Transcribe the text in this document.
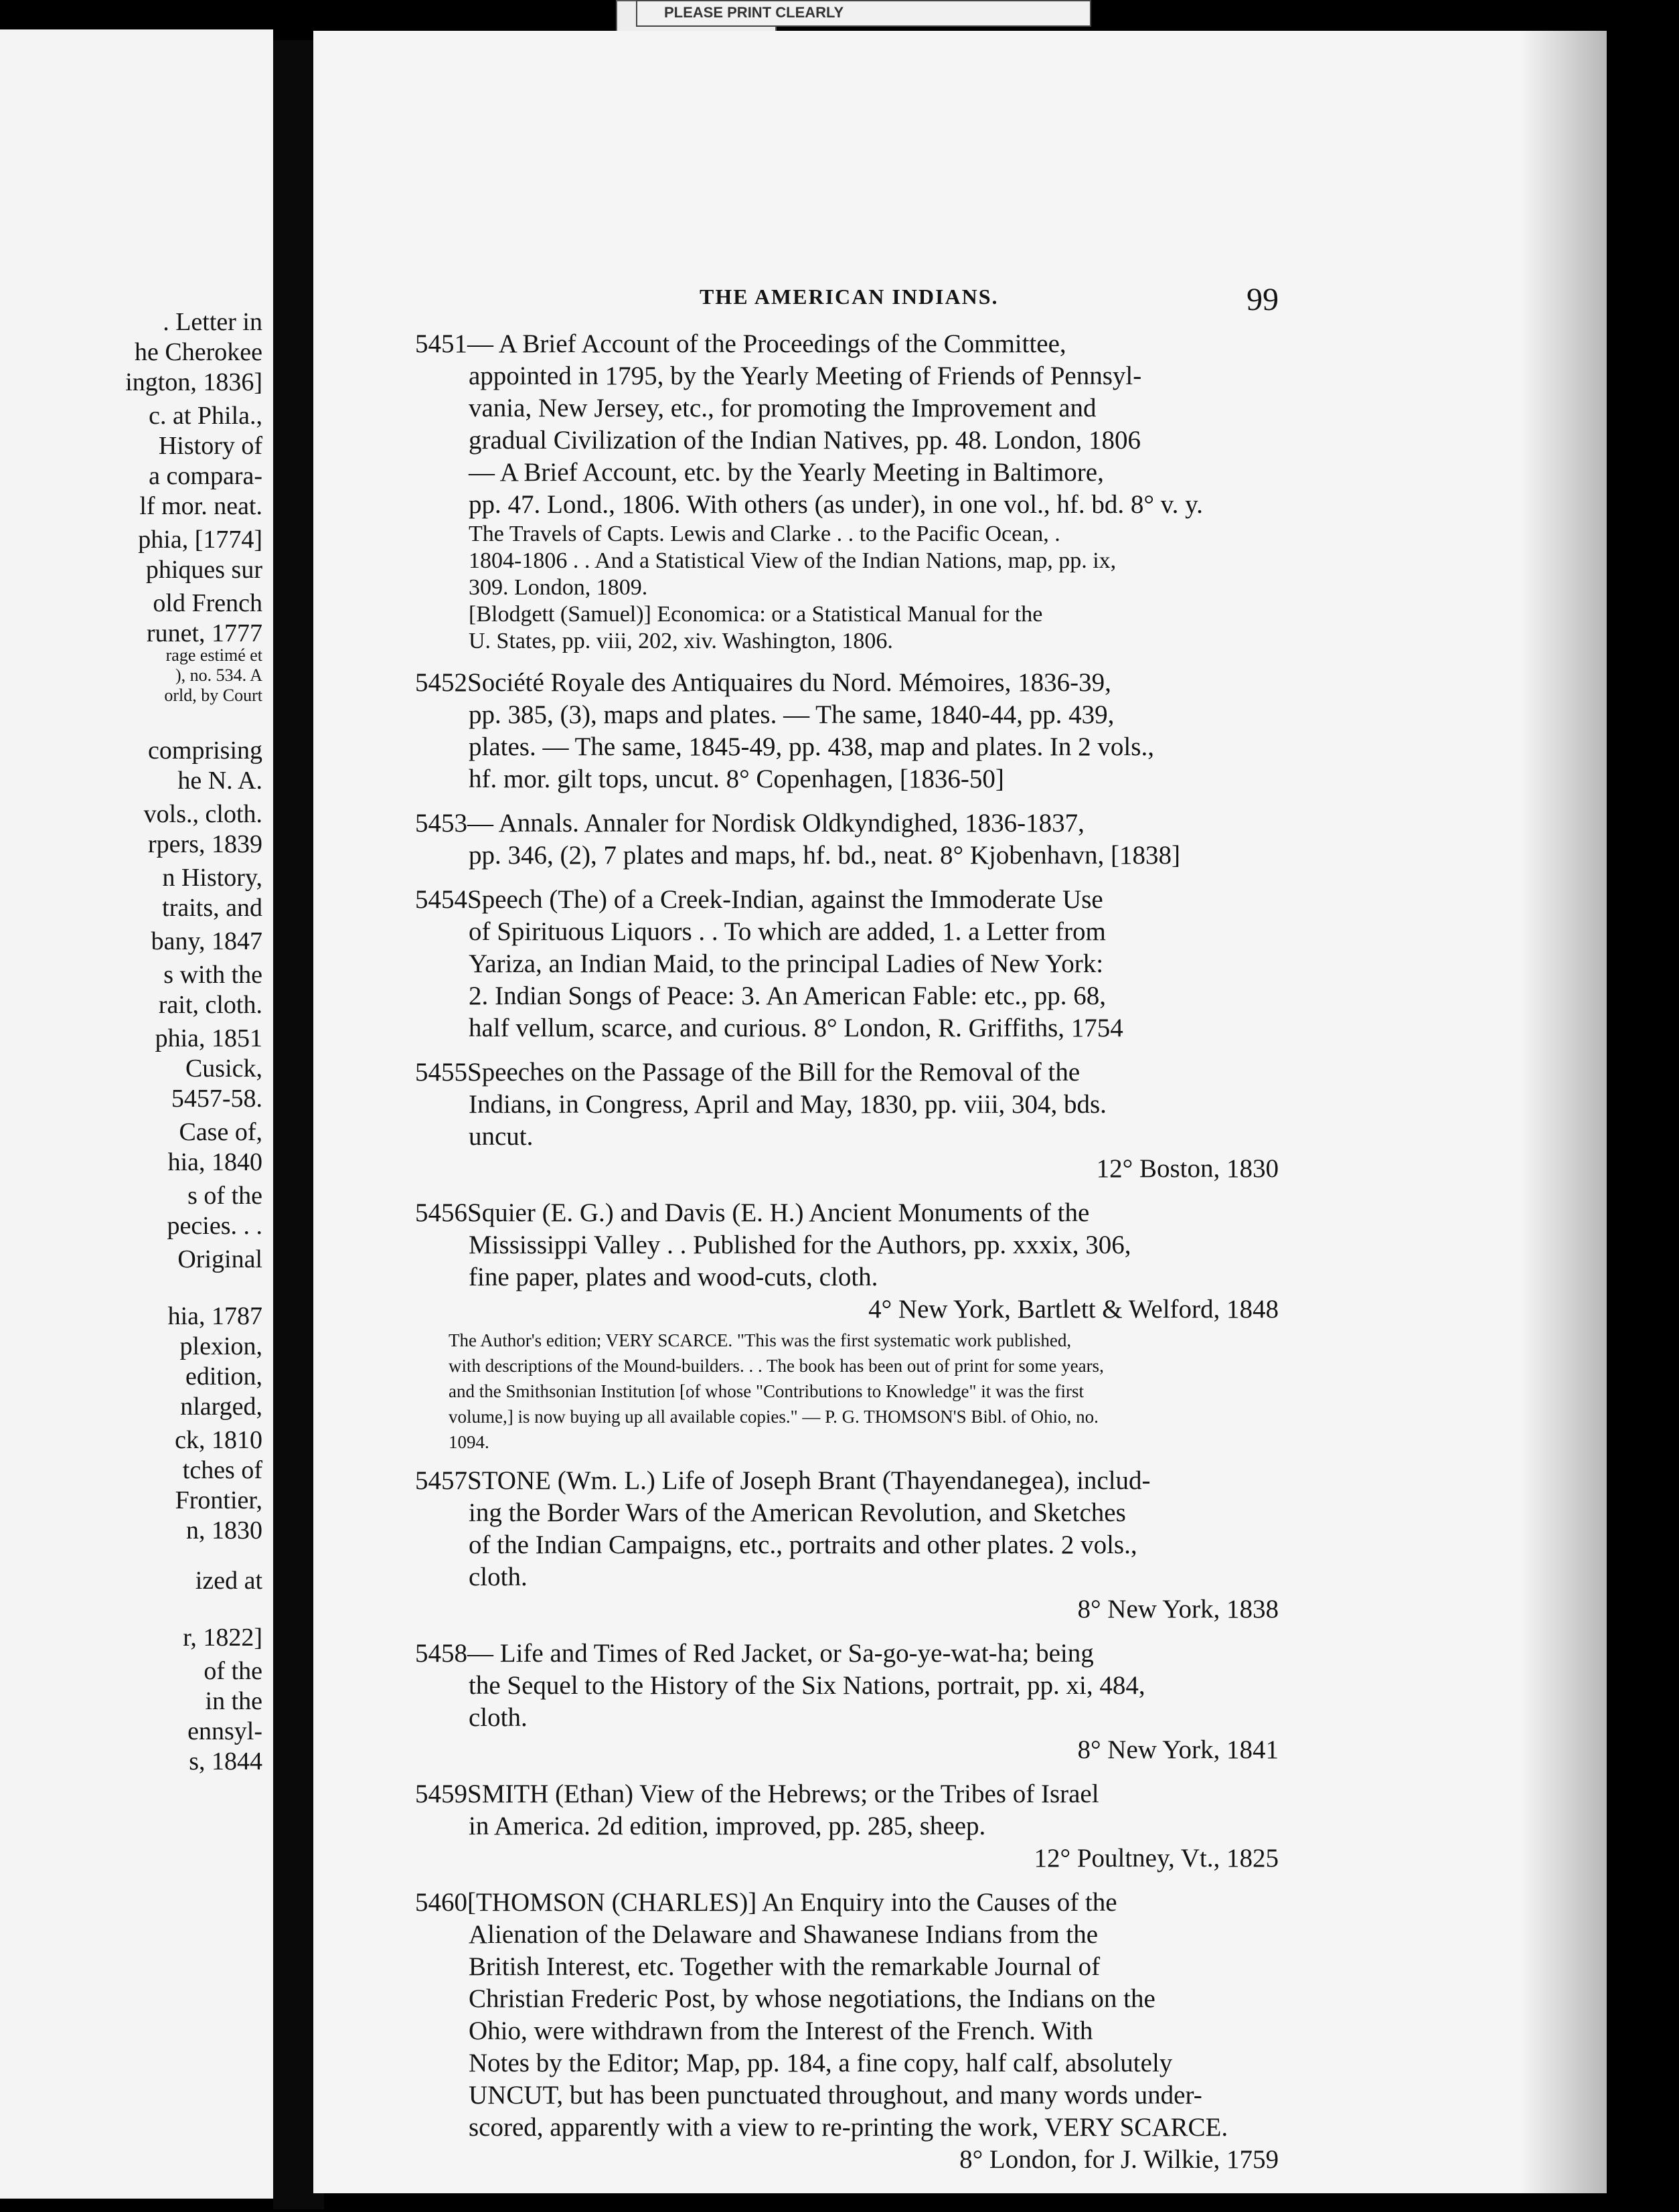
PLEASE PRINT CLEARLY
. Letter in
he Cherokee
ington, 1836]
c. at Phila.,
History of
a compara-
lf mor. neat.
phia, [1774]
phiques sur
old French
runet, 1777
rage estimé et
), no. 534. A
orld, by Court
comprising
he N. A.
vols., cloth.
rpers, 1839
n History,
traits, and
bany, 1847
s with the
rait, cloth.
phia, 1851
Cusick,
5457-58.
Case of,
hia, 1840
s of the
pecies. . .
Original
hia, 1787
plexion,
edition,
nlarged,
ck, 1810
tches of
Frontier,
n, 1830
ized at
r, 1822]
of the
in the
ennsyl-
s, 1844
THE AMERICAN INDIANS.	99
5451— A Brief Account of the Proceedings of the Committee,
appointed in 1795, by the Yearly Meeting of Friends of Pennsyl-
vania, New Jersey, etc., for promoting the Improvement and
gradual Civilization of the Indian Natives, pp. 48. London, 1806
— A Brief Account, etc. by the Yearly Meeting in Baltimore,
pp. 47. Lond., 1806. With others (as under), in one vol., hf. bd. 8° v. y.
The Travels of Capts. Lewis and Clarke . . to the Pacific Ocean, .
1804-1806 . . And a Statistical View of the Indian Nations, map, pp. ix,
309. London, 1809.
[Blodgett (Samuel)] Economica: or a Statistical Manual for the
U. States, pp. viii, 202, xiv. Washington, 1806.
5452Société Royale des Antiquaires du Nord. Mémoires, 1836-39,
pp. 385, (3), maps and plates. — The same, 1840-44, pp. 439,
plates. — The same, 1845-49, pp. 438, map and plates. In 2 vols.,
hf. mor. gilt tops, uncut. 8° Copenhagen, [1836-50]
5453— Annals. Annaler for Nordisk Oldkyndighed, 1836-1837,
pp. 346, (2), 7 plates and maps, hf. bd., neat. 8° Kjobenhavn, [1838]
5454Speech (The) of a Creek-Indian, against the Immoderate Use
of Spirituous Liquors . . To which are added, 1. a Letter from
Yariza, an Indian Maid, to the principal Ladies of New York:
2. Indian Songs of Peace: 3. An American Fable: etc., pp. 68,
half vellum, scarce, and curious. 8° London, R. Griffiths, 1754
5455Speeches on the Passage of the Bill for the Removal of the
Indians, in Congress, April and May, 1830, pp. viii, 304, bds.
uncut.
12° Boston, 1830
5456Squier (E. G.) and Davis (E. H.) Ancient Monuments of the
Mississippi Valley . . Published for the Authors, pp. xxxix, 306,
fine paper, plates and wood-cuts, cloth.
4° New York, Bartlett & Welford, 1848
The Author's edition; VERY SCARCE. "This was the first systematic work published,
with descriptions of the Mound-builders. . . The book has been out of print for some years,
and the Smithsonian Institution [of whose "Contributions to Knowledge" it was the first
volume,] is now buying up all available copies." — P. G. THOMSON'S Bibl. of Ohio, no.
1094.
5457STONE (Wm. L.) Life of Joseph Brant (Thayendanegea), includ-
ing the Border Wars of the American Revolution, and Sketches
of the Indian Campaigns, etc., portraits and other plates. 2 vols.,
cloth.
8° New York, 1838
5458— Life and Times of Red Jacket, or Sa-go-ye-wat-ha; being
the Sequel to the History of the Six Nations, portrait, pp. xi, 484,
cloth.
8° New York, 1841
5459SMITH (Ethan) View of the Hebrews; or the Tribes of Israel
in America. 2d edition, improved, pp. 285, sheep.
12° Poultney, Vt., 1825
5460[THOMSON (CHARLES)] An Enquiry into the Causes of the
Alienation of the Delaware and Shawanese Indians from the
British Interest, etc. Together with the remarkable Journal of
Christian Frederic Post, by whose negotiations, the Indians on the
Ohio, were withdrawn from the Interest of the French. With
Notes by the Editor; Map, pp. 184, a fine copy, half calf, absolutely
UNCUT, but has been punctuated throughout, and many words under-
scored, apparently with a view to re-printing the work, VERY SCARCE.
8° London, for J. Wilkie, 1759
